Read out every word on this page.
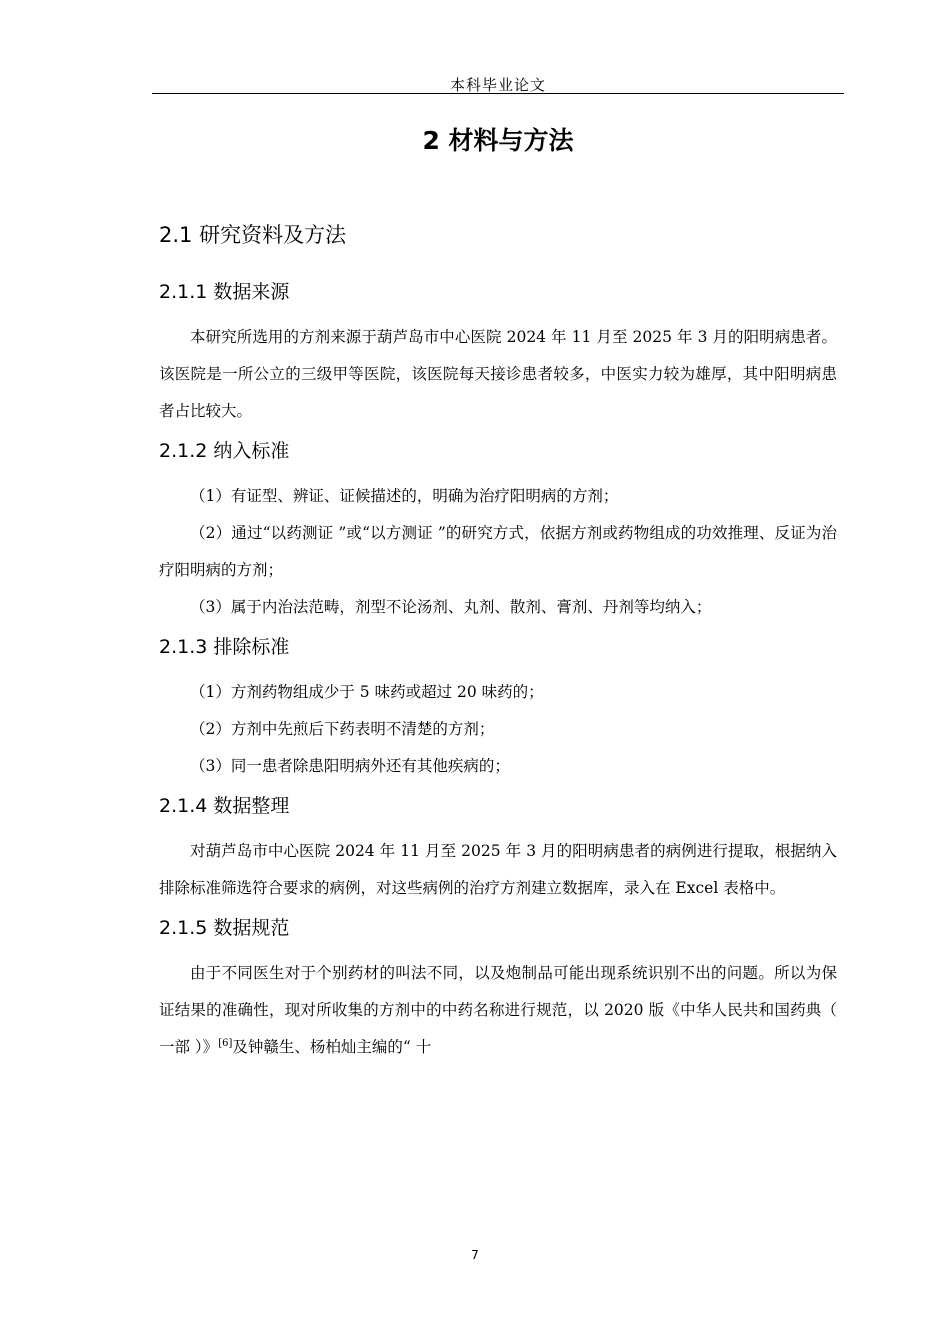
本科毕业论文
2 材料与方法
2.1 研究资料及方法
2.1.1 数据来源

本研究所选用的方剂来源于葫芦岛市中心医院 2024 年 11 月至 2025 年 3 月的阳明病患者。该医院是一所公立的三级甲等医院，该医院每天接诊患者较多，中医实力较为雄厚，其中阳明病患者占比较大。

2.1.2 纳入标准

（1）有证型、辨证、证候描述的，明确为治疗阳明病的方剂；

（2）通过“以药测证 ”或“以方测证 ”的研究方式，依据方剂或药物组成的功效推理、反证为治疗阳明病的方剂；

（3）属于内治法范畴，剂型不论汤剂、丸剂、散剂、膏剂、丹剂等均纳入；

2.1.3 排除标准

（1）方剂药物组成少于 5 味药或超过 20 味药的；

（2）方剂中先煎后下药表明不清楚的方剂；

（3）同一患者除患阳明病外还有其他疾病的；

2.1.4 数据整理

对葫芦岛市中心医院 2024 年 11 月至 2025 年 3 月的阳明病患者的病例进行提取，根据纳入排除标准筛选符合要求的病例，对这些病例的治疗方剂建立数据库，录入在 Excel 表格中。

2.1.5 数据规范

由于不同医生对于个别药材的叫法不同，以及炮制品可能出现系统识别不出的问题。所以为保证结果的准确性，现对所收集的方剂中的中药名称进行规范，以 2020 版《中华人民共和国药典（ 一部 ）》[6]及钟赣生、杨柏灿主编的“ 十

7
